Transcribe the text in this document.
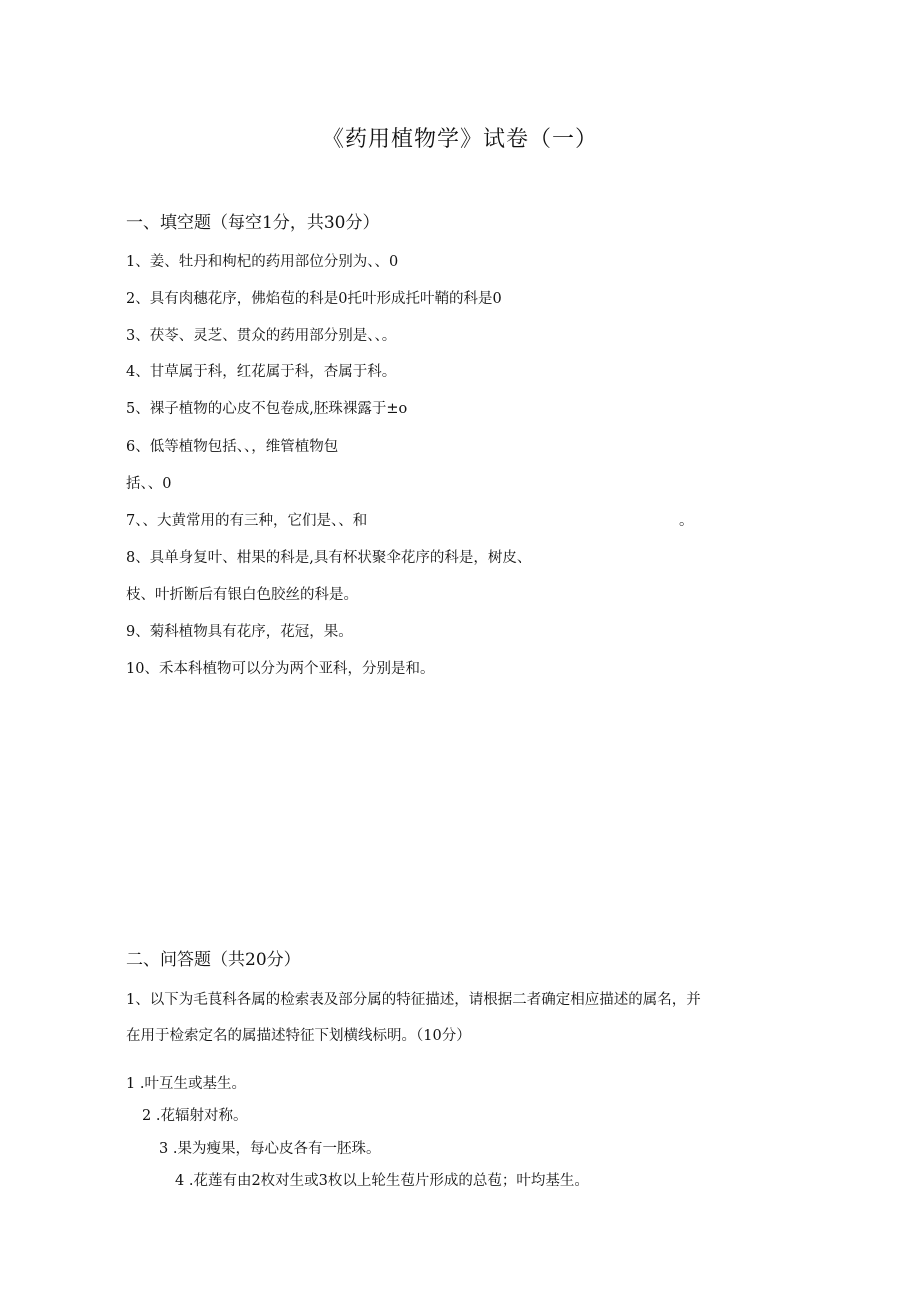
《药用植物学》试卷（一）
一、填空题（每空1分，共30分）
1、姜、牡丹和枸杞的药用部位分别为、、0
2、具有肉穗花序，佛焰苞的科是0托叶形成托叶鞘的科是0
3、茯苓、灵芝、贯众的药用部分别是、、。
4、甘草属于科，红花属于科，杏属于科。
5、裸子植物的心皮不包卷成,胚珠裸露于±o
6、低等植物包括、、，维管植物包
括、、0
7、、大黄常用的有三种，它们是、、和	。
8、具单身复叶、柑果的科是,具有杯状聚伞花序的科是，树皮、
枝、叶折断后有银白色胶丝的科是。
9、菊科植物具有花序，花冠，果。
10、禾本科植物可以分为两个亚科，分别是和。
二、问答题（共20分）
1、以下为毛茛科各属的检索表及部分属的特征描述，请根据二者确定相应描述的属名，并
在用于检索定名的属描述特征下划横线标明。（10分）
1 .叶互生或基生。
2 .花辐射对称。
3 .果为瘦果，每心皮各有一胚珠。
4 .花莲有由2枚对生或3枚以上轮生苞片形成的总苞；叶均基生。
